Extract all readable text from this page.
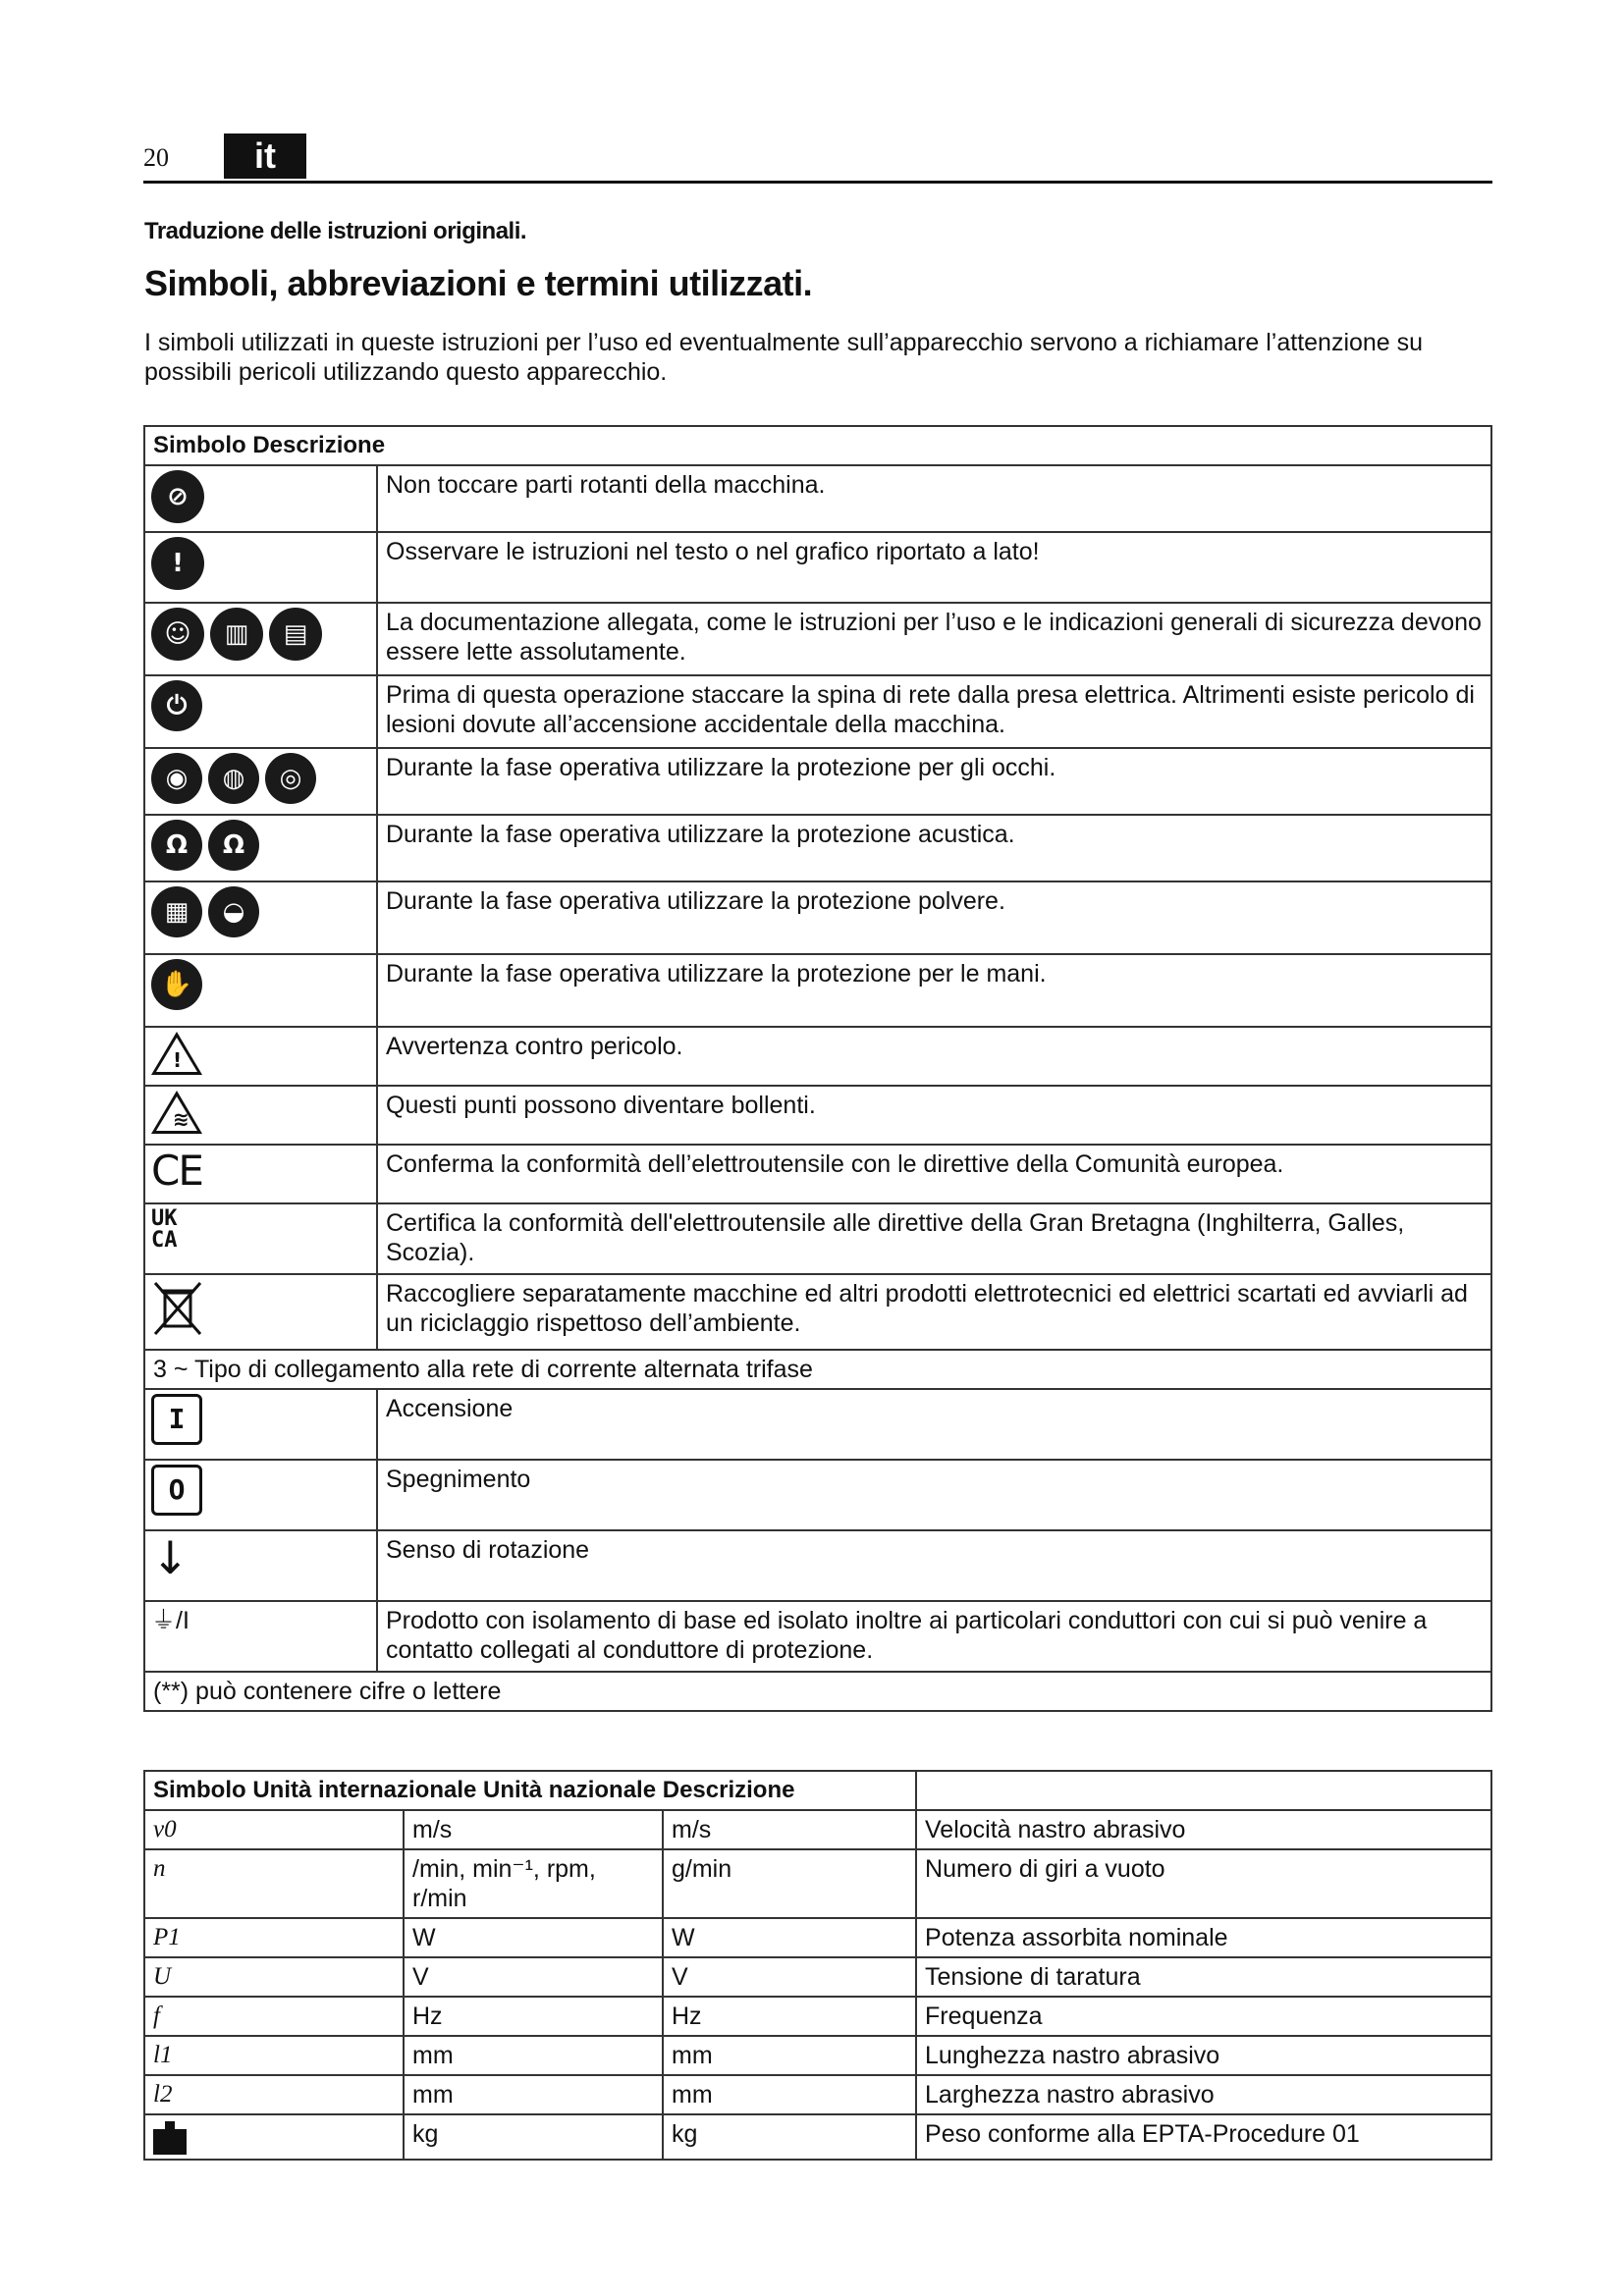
20	it
Traduzione delle istruzioni originali.
Simboli, abbreviazioni e termini utilizzati.
I simboli utilizzati in queste istruzioni per l’uso ed eventualmente sull’apparecchio servono a richiamare l’attenzione su possibili pericoli utilizzando questo apparecchio.
Simbolo Descrizione	

⊘	Non toccare parti rotanti della macchina.

!	Osservare le istruzioni nel testo o nel grafico riportato a lato!

☺ ▥ ▤	La documentazione allegata, come le istruzioni per l’uso e le indicazioni generali di sicurezza devono essere lette assolutamente.

⏻	Prima di questa operazione staccare la spina di rete dalla presa elettrica. Altrimenti esiste pericolo di lesioni dovute all’accensione accidentale della macchina.

◉ ◍ ◎	Durante la fase operativa utilizzare la protezione per gli occhi.

Ω Ω	Durante la fase operativa utilizzare la protezione acustica.

▦ ◒	Durante la fase operativa utilizzare la protezione polvere.

✋	Durante la fase operativa utilizzare la protezione per le mani.

!	Avvertenza contro pericolo.

≋	Questi punti possono diventare bollenti.
CE	Conferma la conformità dell’elettroutensile con le direttive della Comunità europea.

UK
CA	Certifica la conformità dell'elettroutensile alle direttive della Gran Bretagna (Inghilterra, Galles, Scozia).
	Raccogliere separatamente macchine ed altri prodotti elettrotecnici ed elettrici scartati ed avviarli ad un riciclaggio rispettoso dell’ambiente.
3 ~ Tipo di collegamento alla rete di corrente alternata trifase	
I	Accensione
O	Spegnimento
↓	Senso di rotazione
⏚/I	Prodotto con isolamento di base ed isolato inoltre ai particolari conduttori con cui si può venire a contatto collegati al conduttore di protezione.
(**) può contenere cifre o lettere	
Simbolo Unità internazionale Unità nazionale Descrizione			
v0	m/s	m/s	Velocità nastro abrasivo
n	/min, min⁻¹, rpm, r/min	g/min	Numero di giri a vuoto
P1	W	W	Potenza assorbita nominale
U	V	V	Tensione di taratura
f	Hz	Hz	Frequenza
l1	mm	mm	Lunghezza nastro abrasivo
l2	mm	mm	Larghezza nastro abrasivo

	kg	kg	Peso conforme alla EPTA-Procedure 01
